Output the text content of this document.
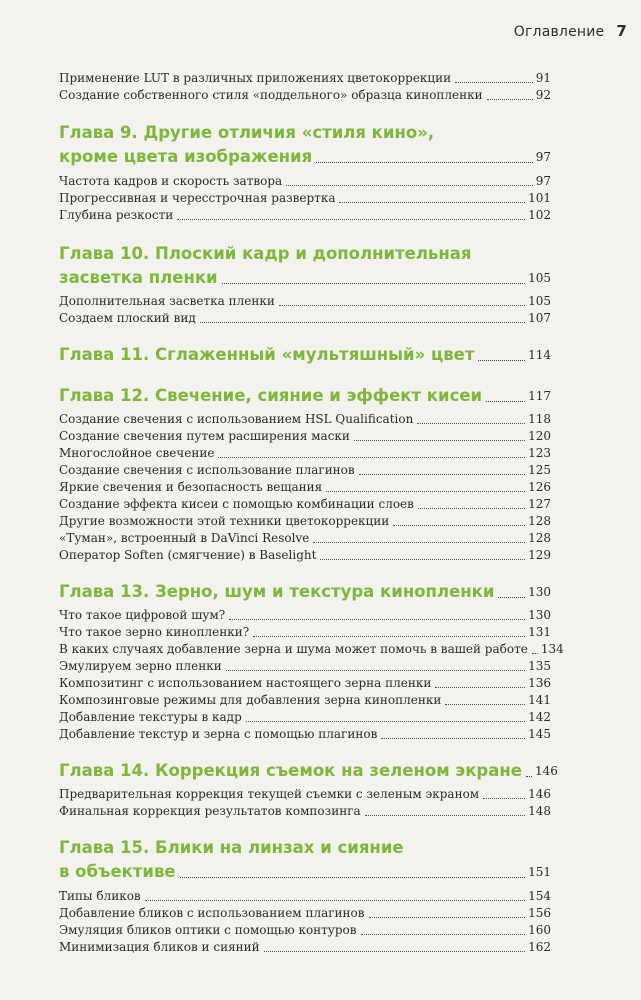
Оглавление 7
Применение LUT в различных приложениях цветокоррекции	91
Создание собственного стиля «поддельного» образца кинопленки	92
Глава 9. Другие отличия «стиля кино»,
кроме цвета изображения	97
Частота кадров и скорость затвора	97
Прогрессивная и чересстрочная развертка	101
Глубина резкости	102
Глава 10. Плоский кадр и дополнительная
засветка пленки	105
Дополнительная засветка пленки	105
Создаем плоский вид	107
Глава 11. Сглаженный «мультяшный» цвет	114
Глава 12. Свечение, сияние и эффект кисеи	117
Создание свечения с использованием HSL Qualification	118
Создание свечения путем расширения маски	120
Многослойное свечение	123
Создание свечения с использование плагинов	125
Яркие свечения и безопасность вещания	126
Создание эффекта кисеи с помощью комбинации слоев	127
Другие возможности этой техники цветокоррекции	128
«Туман», встроенный в DaVinci Resolve	128
Оператор Soften (смягчение) в Baselight	129
Глава 13. Зерно, шум и текстура кинопленки	130
Что такое цифровой шум?	130
Что такое зерно кинопленки?	131
В каких случаях добавление зерна и шума может помочь в вашей работе 134
Эмулируем зерно пленки	135
Композитинг с использованием настоящего зерна пленки	136
Композинговые режимы для добавления зерна кинопленки	141
Добавление текстуры в кадр	142
Добавление текстур и зерна с помощью плагинов	145
Глава 14. Коррекция съемок на зеленом экране 146
Предварительная коррекция текущей съемки с зеленым экраном	146
Финальная коррекция результатов композинга	148
Глава 15. Блики на линзах и сияние
в объективе	151
Типы бликов	154
Добавление бликов с использованием плагинов	156
Эмуляция бликов оптики с помощью контуров	160
Минимизация бликов и сияний	162
